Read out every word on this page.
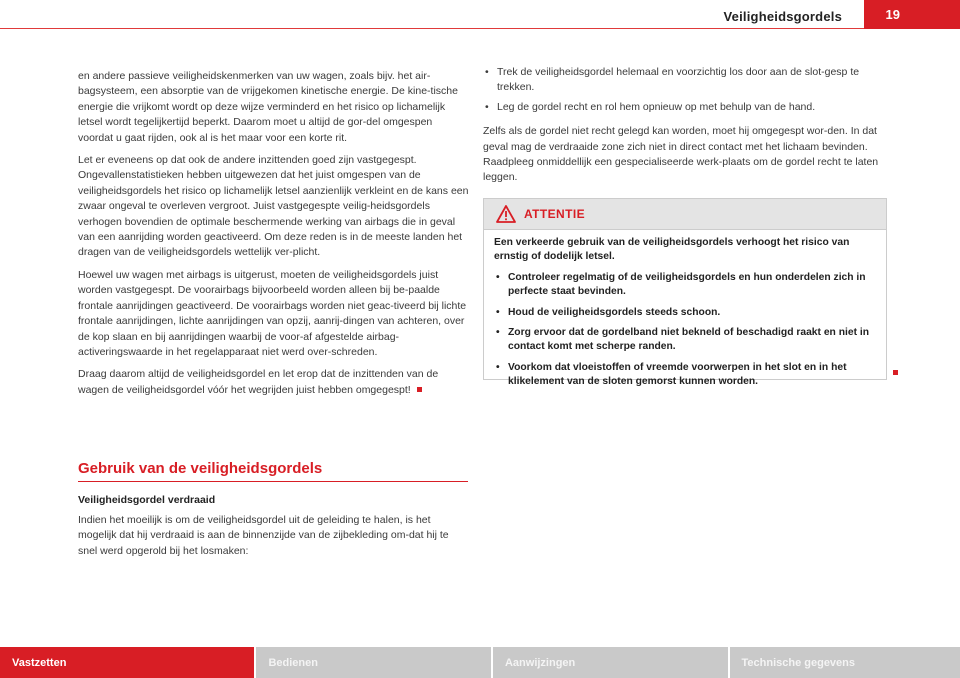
Veiligheidsgordels	19

en andere passieve veiligheidskenmerken van uw wagen, zoals bijv. het air-bagsysteem, een absorptie van de vrijgekomen kinetische energie. De kine-tische energie die vrijkomt wordt op deze wijze verminderd en het risico op lichamelijk letsel wordt tegelijkertijd beperkt. Daarom moet u altijd de gor-del omgespen voordat u gaat rijden, ook al is het maar voor een korte rit.

Let er eveneens op dat ook de andere inzittenden goed zijn vastgegespt. Ongevallenstatistieken hebben uitgewezen dat het juist omgespen van de veiligheidsgordels het risico op lichamelijk letsel aanzienlijk verkleint en de kans een zwaar ongeval te overleven vergroot. Juist vastgegespte veilig-heidsgordels verhogen bovendien de optimale beschermende werking van airbags die in geval van een aanrijding worden geactiveerd. Om deze reden is in de meeste landen het dragen van de veiligheidsgordels wettelijk ver-plicht.

Hoewel uw wagen met airbags is uitgerust, moeten de veiligheidsgordels juist worden vastgegespt. De voorairbags bijvoorbeeld worden alleen bij be-paalde frontale aanrijdingen geactiveerd. De voorairbags worden niet geac-tiveerd bij lichte frontale aanrijdingen, lichte aanrijdingen van opzij, aanrij-dingen van achteren, over de kop slaan en bij aanrijdingen waarbij de voor-af afgestelde airbag-activeringswaarde in het regelapparaat niet werd over-schreden.

Draag daarom altijd de veiligheidsgordel en let erop dat de inzittenden van de wagen de veiligheidsgordel vóór het wegrijden juist hebben omgegespt!

Gebruik van de veiligheidsgordels
Veiligheidsgordel verdraaid
Indien het moeilijk is om de veiligheidsgordel uit de geleiding te halen, is het mogelijk dat hij verdraaid is aan de binnenzijde van de zijbekleding om-dat hij te snel werd opgerold bij het losmaken:
• Trek de veiligheidsgordel helemaal en voorzichtig los door aan de slot-gesp te trekken.
• Leg de gordel recht en rol hem opnieuw op met behulp van de hand.

Zelfs als de gordel niet recht gelegd kan worden, moet hij omgegespt wor-den. In dat geval mag de verdraaide zone zich niet in direct contact met het lichaam bevinden. Raadpleeg onmiddellijk een gespecialiseerde werk-plaats om de gordel recht te laten leggen.

ATTENTIE

Een verkeerde gebruik van de veiligheidsgordels verhoogt het risico van ernstig of dodelijk letsel.

• Controleer regelmatig of de veiligheidsgordels en hun onderdelen zich in perfecte staat bevinden.
• Houd de veiligheidsgordels steeds schoon.
• Zorg ervoor dat de gordelband niet bekneld of beschadigd raakt en niet in contact komt met scherpe randen.
• Voorkom dat vloeistoffen of vreemde voorwerpen in het slot en in het klikelement van de sloten gemorst kunnen worden.
Vastzetten	Bedienen	Aanwijzingen	Technische gegevens
